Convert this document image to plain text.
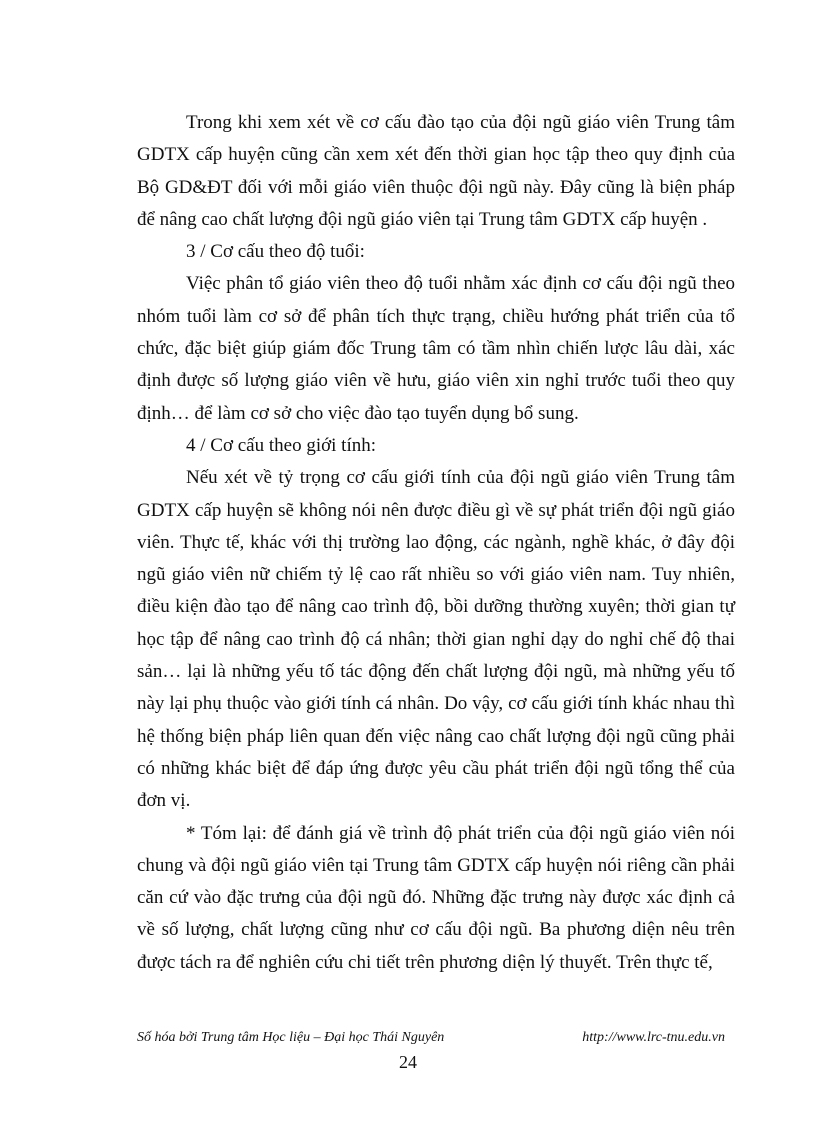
Trong khi xem xét về cơ cấu đào tạo của đội ngũ giáo viên Trung tâm GDTX cấp huyện cũng cần xem xét đến thời gian học tập theo quy định của Bộ GD&ĐT đối với mỗi giáo viên thuộc đội ngũ này. Đây cũng là biện pháp để nâng cao chất lượng đội ngũ giáo viên tại Trung tâm GDTX cấp huyện .

3 / Cơ cấu theo độ tuổi:

Việc phân tổ giáo viên theo độ tuổi nhằm xác định cơ cấu đội ngũ theo nhóm tuổi làm cơ sở để phân tích thực trạng, chiều hướng phát triển của tổ chức, đặc biệt giúp giám đốc Trung tâm có tầm nhìn chiến lược lâu dài, xác định được số lượng giáo viên về hưu, giáo viên xin nghỉ trước tuổi theo quy định… để làm cơ sở cho việc đào tạo tuyển dụng bổ sung.

4 / Cơ cấu theo giới tính:

Nếu xét về tỷ trọng cơ cấu giới tính của đội ngũ giáo viên Trung tâm GDTX cấp huyện sẽ không nói nên được điều gì về sự phát triển đội ngũ giáo viên. Thực tế, khác với thị trường lao động, các ngành, nghề khác, ở đây đội ngũ giáo viên nữ chiếm tỷ lệ cao rất nhiều so với giáo viên nam. Tuy nhiên, điều kiện đào tạo để nâng cao trình độ, bồi dưỡng thường xuyên; thời gian tự học tập để nâng cao trình độ cá nhân; thời gian nghỉ dạy do nghỉ chế độ thai sản… lại là những yếu tố tác động đến chất lượng đội ngũ, mà những yếu tố này lại phụ thuộc vào giới tính cá nhân. Do vậy, cơ cấu giới tính khác nhau thì hệ thống biện pháp liên quan đến việc nâng cao chất lượng đội ngũ cũng phải có những khác biệt để đáp ứng được yêu cầu phát triển đội ngũ tổng thể của đơn vị.

* Tóm lại: để đánh giá về trình độ phát triển của đội ngũ giáo viên nói chung và đội ngũ giáo viên tại Trung tâm GDTX cấp huyện nói riêng cần phải căn cứ vào đặc trưng của đội ngũ đó. Những đặc trưng này được xác định cả về số lượng, chất lượng cũng như cơ cấu đội ngũ. Ba phương diện nêu trên được tách ra để nghiên cứu chi tiết trên phương diện lý thuyết. Trên thực tế,

Số hóa bởi Trung tâm Học liệu – Đại học Thái Nguyên	http://www.lrc-tnu.edu.vn
24
